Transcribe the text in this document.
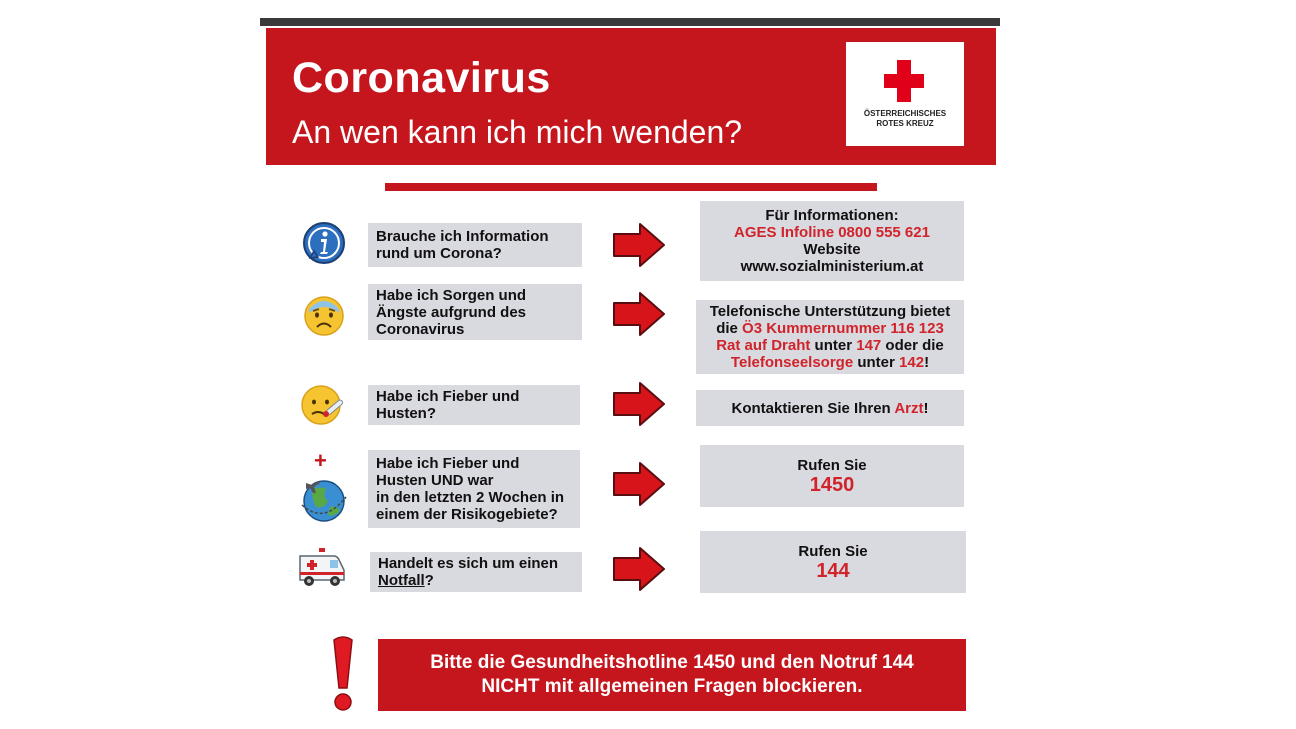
Coronavirus
An wen kann ich mich wenden?
ÖSTERREICHISCHES
ROTES KREUZ
Brauche ich Information
rund um Corona?
Für Informationen:
AGES Infoline 0800 555 621
Website
www.sozialministerium.at
Habe ich Sorgen und
Ängste aufgrund des
Coronavirus
Telefonische Unterstützung bietet
die Ö3 Kummernummer 116 123
Rat auf Draht unter 147 oder die
Telefonseelsorge unter 142!
Habe ich Fieber und
Husten?	Kontaktieren Sie Ihren Arzt!
+	Habe ich Fieber und
Husten UND war
in den letzten 2 Wochen in
einem der Risikogebiete?
Rufen Sie
1450
Handelt es sich um einen
Notfall?
Rufen Sie
144
Bitte die Gesundheitshotline 1450 und den Notruf 144
NICHT mit allgemeinen Fragen blockieren.
